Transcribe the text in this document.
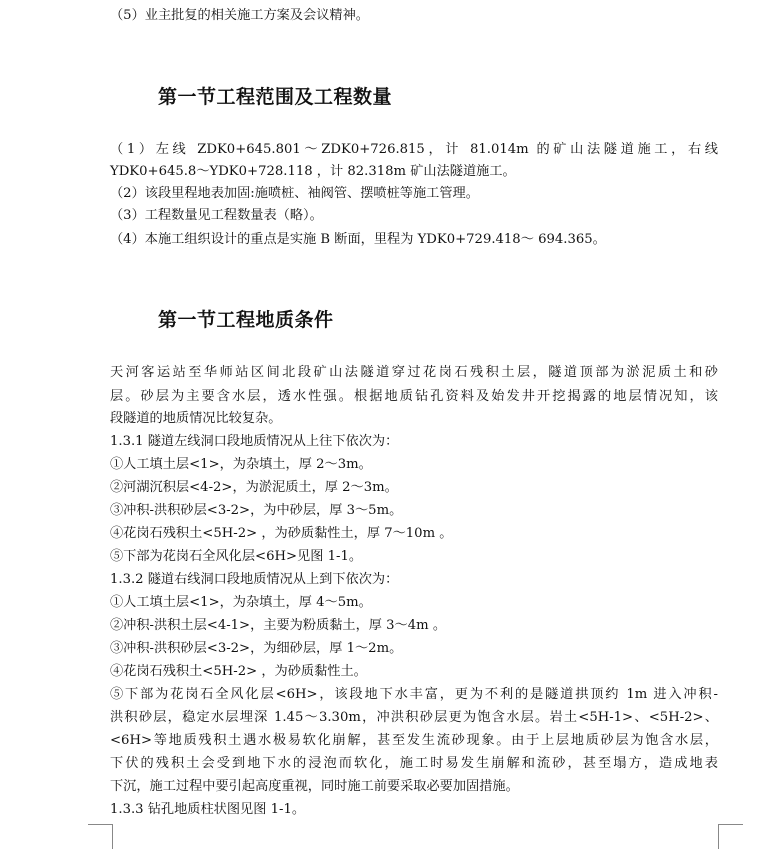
（5）业主批复的相关施工方案及会议精神。
第一节工程范围及工程数量
（1）左线 ZDK0+645.801～ZDK0+726.815，计 81.014m 的矿山法隧道施工，右线
YDK0+645.8～YDK0+728.118 ，计 82.318m 矿山法隧道施工。
（2）该段里程地表加固:施喷桩、袖阀管、摆喷桩等施工管理。
（3）工程数量见工程数量表（略）。
（4）本施工组织设计的重点是实施 B 断面，里程为 YDK0+729.418～ 694.365。
第一节工程地质条件
天河客运站至华师站区间北段矿山法隧道穿过花岗石残积土层，隧道顶部为淤泥质土和砂
层。砂层为主要含水层，透水性强。根据地质钻孔资料及始发井开挖揭露的地层情况知，该
段隧道的地质情况比较复杂。
1.3.1 隧道左线洞口段地质情况从上往下依次为：
①人工填土层<1>，为杂填土，厚 2～3m。
②河湖沉积层<4-2>，为淤泥质土，厚 2～3m。
③冲积-洪积砂层<3-2>，为中砂层，厚 3～5m。
④花岗石残积土<5H-2> ，为砂质黏性土，厚 7～10m 。
⑤下部为花岗石全风化层<6H>见图 1-1。
1.3.2 隧道右线洞口段地质情况从上到下依次为：
①人工填土层<1>，为杂填土，厚 4～5m。
②冲积-洪积土层<4-1>，主要为粉质黏土，厚 3～4m 。
③冲积-洪积砂层<3-2>，为细砂层，厚 1～2m。
④花岗石残积土<5H-2> ，为砂质黏性土。
⑤下部为花岗石全风化层<6H>，该段地下水丰富，更为不利的是隧道拱顶约 1m 进入冲积-
洪积砂层，稳定水层埋深 1.45～3.30m，冲洪积砂层更为饱含水层。岩土<5H-1>、<5H-2>、
<6H>等地质残积土遇水极易软化崩解，甚至发生流砂现象。由于上层地质砂层为饱含水层，
下伏的残积土会受到地下水的浸泡而软化，施工时易发生崩解和流砂，甚至塌方，造成地表
下沉，施工过程中要引起高度重视，同时施工前要采取必要加固措施。
1.3.3 钻孔地质柱状图见图 1-1。
